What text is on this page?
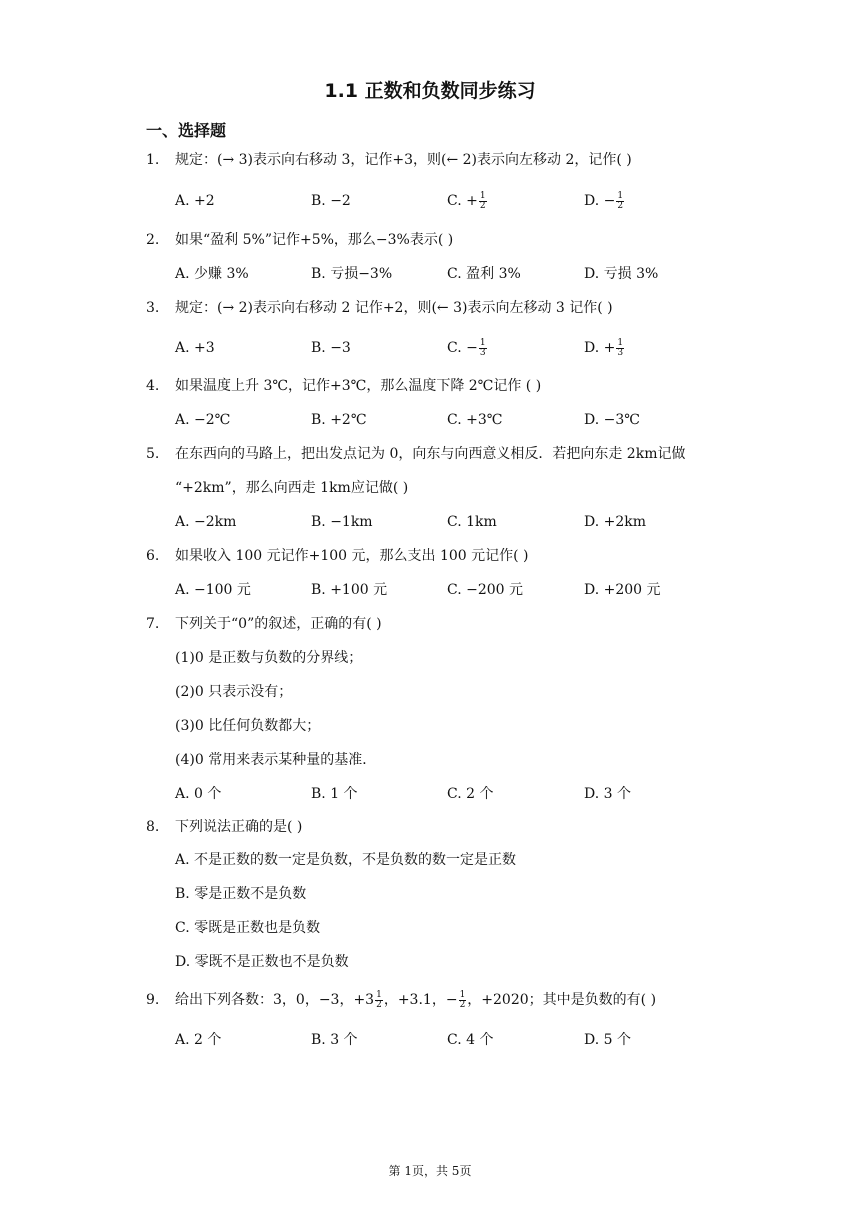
1.1 正数和负数同步练习
一、选择题
1.	规定：(→ 3)表示向右移动 3，记作+3，则(← 2)表示向左移动 2，记作( )
A. +2	B. −2	C. + $\frac{1}{2}$	D. − $\frac{1}{2}$
2.	如果“盈利 5%”记作+5%，那么−3%表示( )
A. 少赚 3%	B. 亏损−3%	C. 盈利 3%	D. 亏损 3%
3.	规定：(→ 2)表示向右移动 2 记作+2，则(← 3)表示向左移动 3 记作( )
A. +3	B. −3	C. − $\frac{1}{3}$	D. + $\frac{1}{3}$
4.	如果温度上升 3℃，记作+3℃，那么温度下降 2℃记作 ( )
A. −2℃	B. +2℃	C. +3℃	D. −3℃
5.	在东西向的马路上，把出发点记为 0，向东与向西意义相反．若把向东走 2km记做
“+2km”，那么向西走 1km应记做( )
A. −2km	B. −1km	C. 1km	D. +2km
6.	如果收入 100 元记作+100 元，那么支出 100 元记作( )
A. −100 元	B. +100 元	C. −200 元	D. +200 元
7.	下列关于“0”的叙述，正确的有( )
(1)0 是正数与负数的分界线；
(2)0 只表示没有；
(3)0 比任何负数都大；
(4)0 常用来表示某种量的基准．
A. 0 个	B. 1 个	C. 2 个	D. 3 个
8.	下列说法正确的是( )
A. 不是正数的数一定是负数，不是负数的数一定是正数
B. 零是正数不是负数
C. 零既是正数也是负数
D. 零既不是正数也不是负数
9.	给出下列各数：3，0，−3，$+3 \frac{1}{2}$ ，+3.1，− $\frac{1}{2}$ ，+2020；其中是负数的有( )
A. 2 个	B. 3 个	C. 4 个	D. 5 个
第 1页，共 5页
